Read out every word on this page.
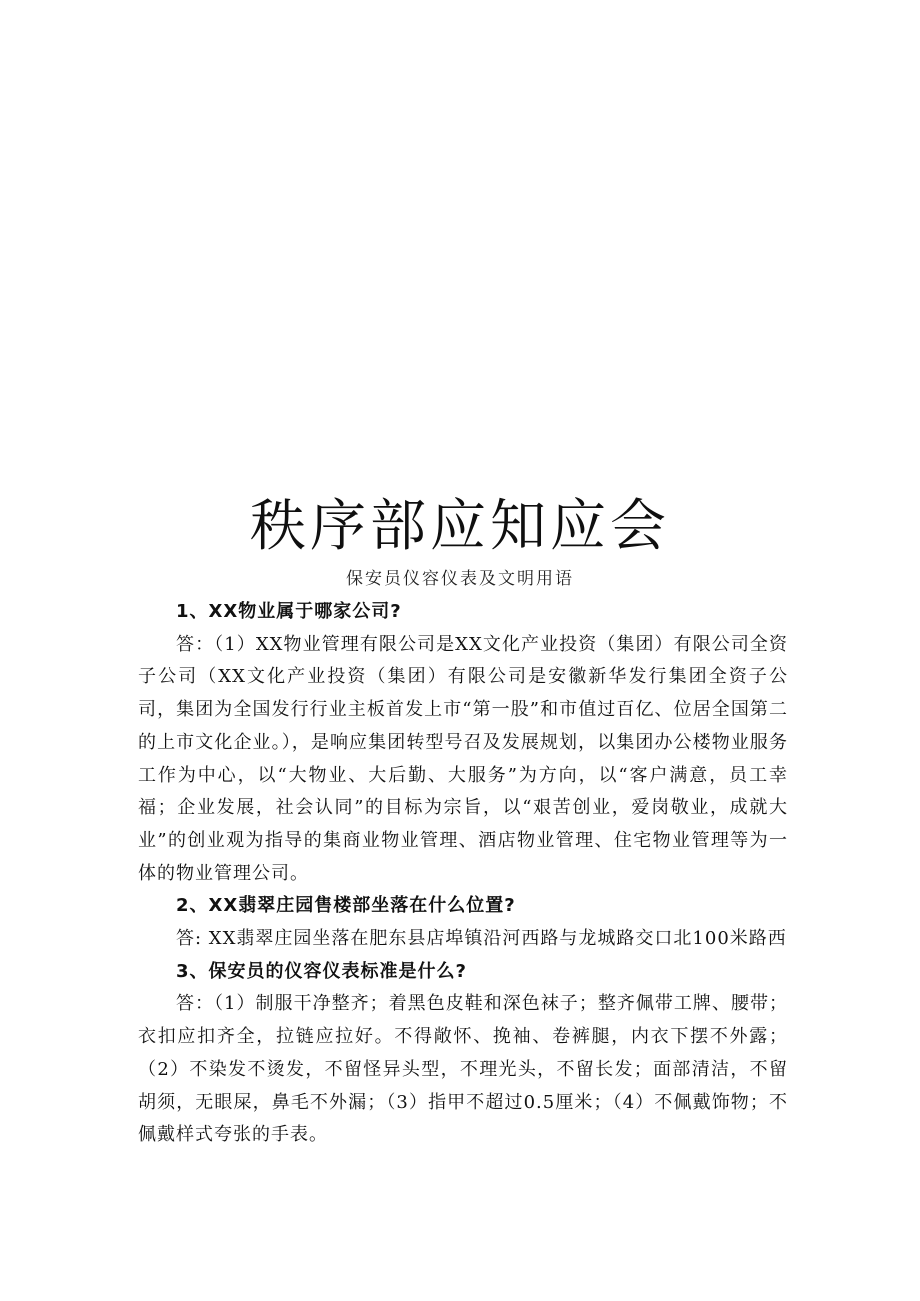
秩序部应知应会
保安员仪容仪表及文明用语

1、XX物业属于哪家公司?

答：（1）XX物业管理有限公司是XX文化产业投资（集团）有限公司全资子公司（XX文化产业投资（集团）有限公司是安徽新华发行集团全资子公司，集团为全国发行行业主板首发上市“第一股”和市值过百亿、位居全国第二的上市文化企业。），是响应集团转型号召及发展规划，以集团办公楼物业服务工作为中心，以“大物业、大后勤、大服务”为方向，以“客户满意，员工幸福；企业发展，社会认同”的目标为宗旨，以“艰苦创业，爱岗敬业，成就大业”的创业观为指导的集商业物业管理、酒店物业管理、住宅物业管理等为一体的物业管理公司。

2、XX翡翠庄园售楼部坐落在什么位置?

答: XX翡翠庄园坐落在肥东县店埠镇沿河西路与龙城路交口北100米路西

3、保安员的仪容仪表标准是什么?

答：（1）制服干净整齐；着黑色皮鞋和深色袜子；整齐佩带工牌、腰带；衣扣应扣齐全，拉链应拉好。不得敞怀、挽袖、卷裤腿，内衣下摆不外露；（2）不染发不烫发，不留怪异头型，不理光头，不留长发；面部清洁，不留胡须，无眼屎，鼻毛不外漏；（3）指甲不超过0.5厘米；（4）不佩戴饰物；不佩戴样式夸张的手表。
